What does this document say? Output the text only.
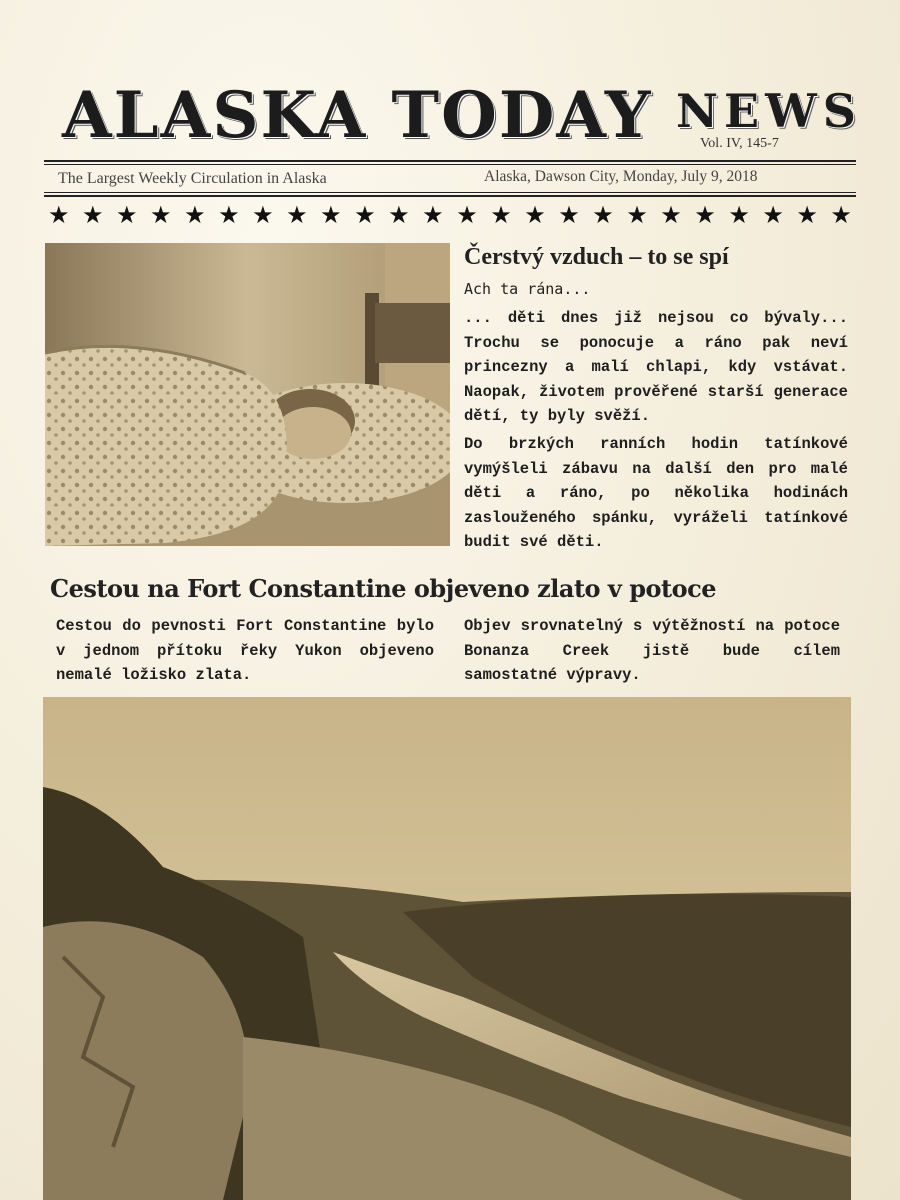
ALASKA TODAY NEWS
Vol. IV, 145-7
The Largest Weekly Circulation in Alaska	Alaska, Dawson City, Monday, July 9, 2018
★ ★ ★ ★ ★ ★ ★ ★ ★ ★ ★ ★ ★ ★ ★ ★ ★ ★ ★ ★ ★ ★ ★ ★
Čerstvý vzduch – to se spí
Ach ta rána...

... děti dnes již nejsou co bývaly... Trochu se ponocuje a ráno pak neví princezny a malí chlapi, kdy vstávat. Naopak, životem prověřené starší generace dětí, ty byly svěží.

Do brzkých ranních hodin tatínkové vymýšleli zábavu na další den pro malé děti a ráno, po několika hodinách zaslouženého spánku, vyráželi tatínkové budit své děti.

Cestou na Fort Constantine objeveno zlato v potoce

Cestou do pevnosti Fort Constantine bylo v jednom přítoku řeky Yukon objeveno nemalé ložisko zlata.

Objev srovnatelný s výtěžností na potoce Bonanza Creek jistě bude cílem samostatné výpravy.
